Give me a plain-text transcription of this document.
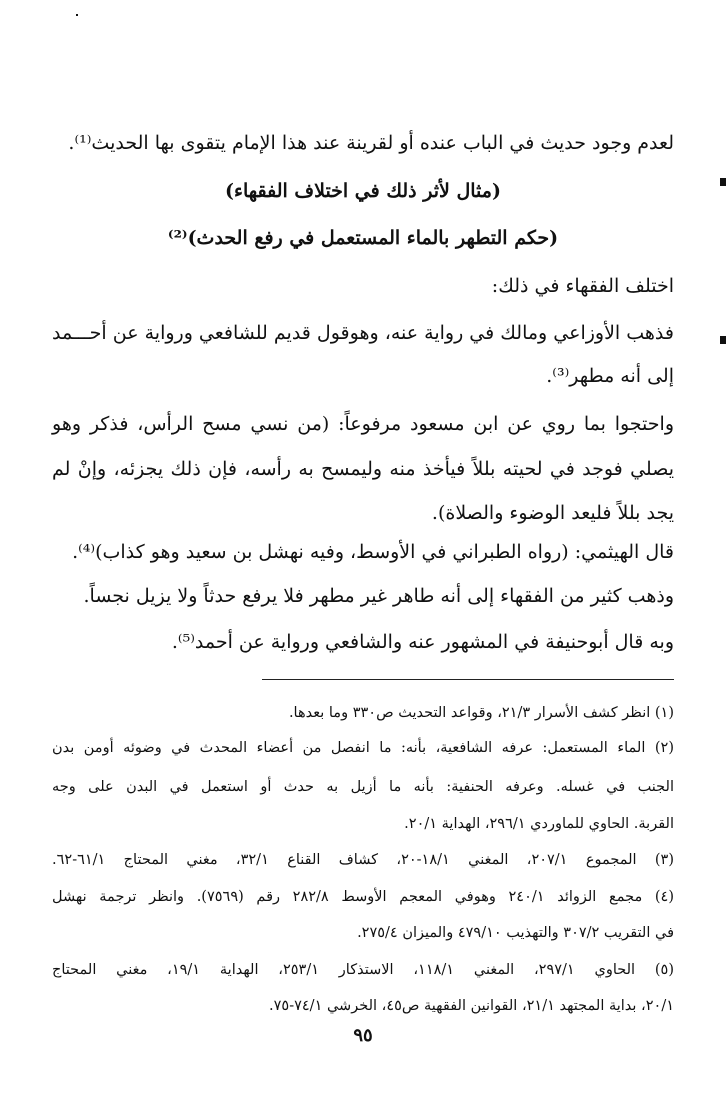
لعدم وجود حديث في الباب عنده أو لقرينة عند هذا الإمام يتقوى بها الحديث⁽¹⁾.
(مثال لأثر ذلك في اختلاف الفقهاء)
(حكم التطهر بالماء المستعمل في رفع الحدث)⁽²⁾
اختلف الفقهاء في ذلك:
فذهب الأوزاعي ومالك في رواية عنه، وهوقول قديم للشافعي ورواية عن أحـــمد
إلى أنه مطهر⁽³⁾.
واحتجوا بما روي عن ابن مسعود مرفوعاً: (من نسي مسح الرأس، فذكر وهو
يصلي فوجد في لحيته بللاً فيأخذ منه وليمسح به رأسه، فإن ذلك يجزئه، وإنْ لم
يجد بللاً فليعد الوضوء والصلاة).
قال الهيثمي: (رواه الطبراني في الأوسط، وفيه نهشل بن سعيد وهو كذاب)⁽⁴⁾.
وذهب كثير من الفقهاء إلى أنه طاهر غير مطهر فلا يرفع حدثاً ولا يزيل نجساً.
وبه قال أبوحنيفة في المشهور عنه والشافعي ورواية عن أحمد⁽⁵⁾.
(١) انظر كشف الأسرار ٢١/٣، وقواعد التحديث ص٣٣٠ وما بعدها.
(٢) الماء المستعمل: عرفه الشافعية، بأنه: ما انفصل من أعضاء المحدث في وضوئه أومن بدن
الجنب في غسله. وعرفه الحنفية: بأنه ما أزيل به حدث أو استعمل في البدن على وجه
القربة. الحاوي للماوردي ٢٩٦/١، الهداية ٢٠/١.
(٣) المجموع ٢٠٧/١، المغني ١٨/١-٢٠، كشاف القناع ٣٢/١، مغني المحتاج ٦١/١-٦٢.
(٤) مجمع الزوائد ٢٤٠/١ وهوفي المعجم الأوسط ٢٨٢/٨ رقم (٧٥٦٩). وانظر ترجمة نهشل
في التقريب ٣٠٧/٢ والتهذيب ٤٧٩/١٠ والميزان ٢٧٥/٤.
(٥) الحاوي ٢٩٧/١، المغني ١١٨/١، الاستذكار ٢٥٣/١، الهداية ١٩/١، مغني المحتاج
٢٠/١، بداية المجتهد ٢١/١، القوانين الفقهية ص٤٥، الخرشي ٧٤/١-٧٥.
٩٥
